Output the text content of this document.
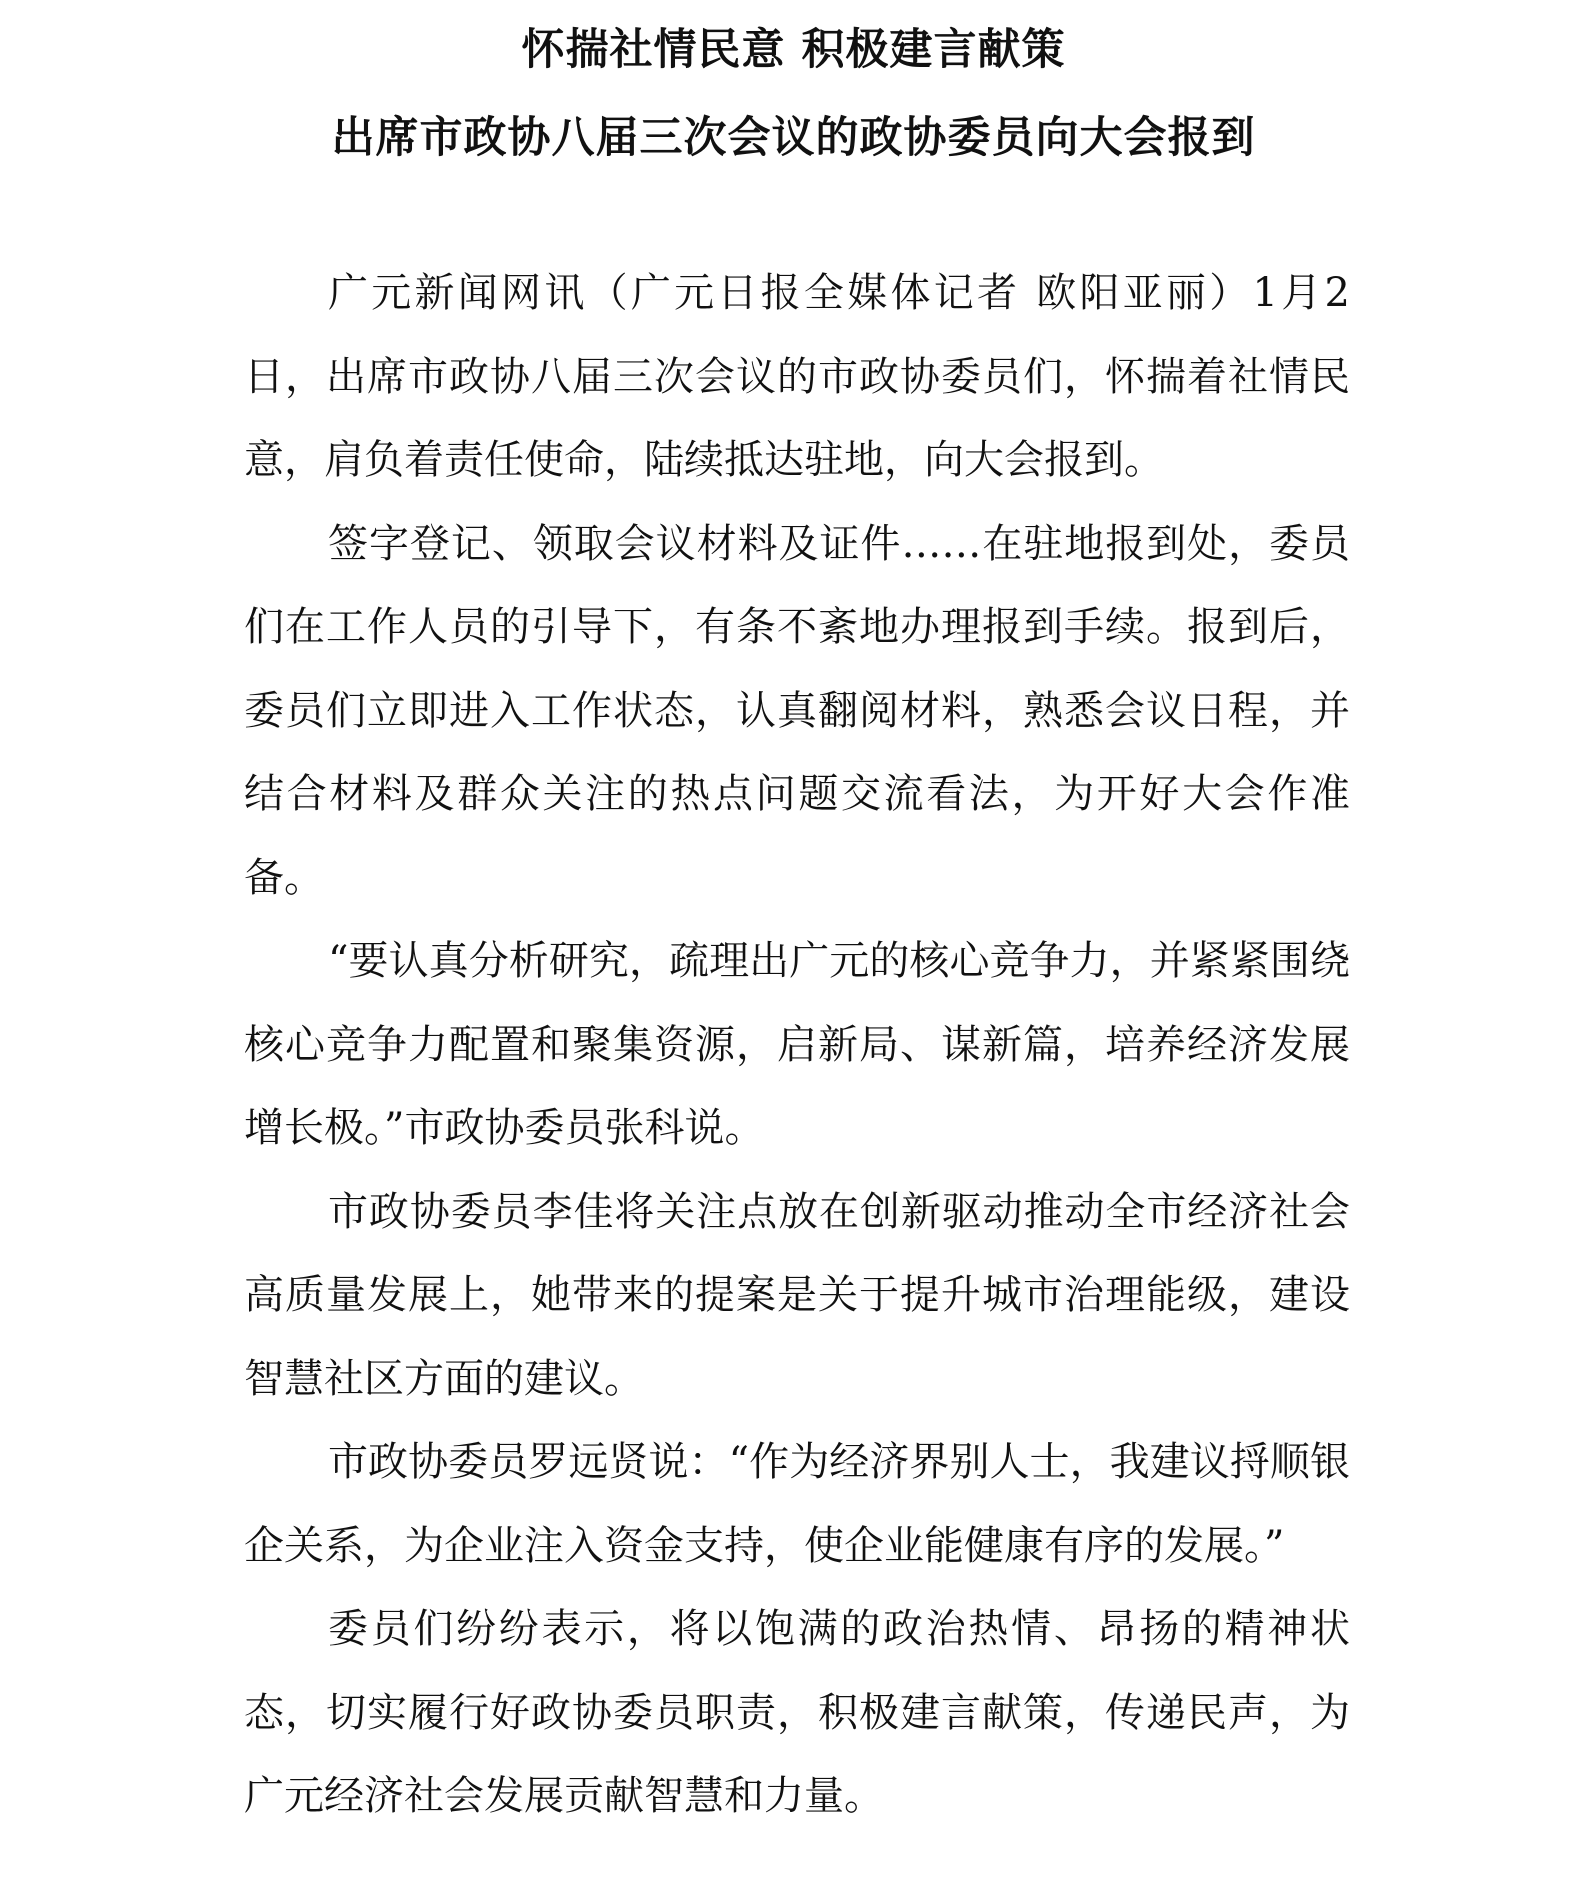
怀揣社情民意 积极建言献策
出席市政协八届三次会议的政协委员向大会报到

广元新闻网讯（广元日报全媒体记者 欧阳亚丽）1月2日，出席市政协八届三次会议的市政协委员们，怀揣着社情民意，肩负着责任使命，陆续抵达驻地，向大会报到。

签字登记、领取会议材料及证件……在驻地报到处，委员们在工作人员的引导下，有条不紊地办理报到手续。报到后，委员们立即进入工作状态，认真翻阅材料，熟悉会议日程，并结合材料及群众关注的热点问题交流看法，为开好大会作准备。

“要认真分析研究，疏理出广元的核心竞争力，并紧紧围绕核心竞争力配置和聚集资源，启新局、谋新篇，培养经济发展增长极。”市政协委员张科说。

市政协委员李佳将关注点放在创新驱动推动全市经济社会高质量发展上，她带来的提案是关于提升城市治理能级，建设智慧社区方面的建议。

市政协委员罗远贤说：“作为经济界别人士，我建议捋顺银企关系，为企业注入资金支持，使企业能健康有序的发展。”

委员们纷纷表示，将以饱满的政治热情、昂扬的精神状态，切实履行好政协委员职责，积极建言献策，传递民声，为广元经济社会发展贡献智慧和力量。
